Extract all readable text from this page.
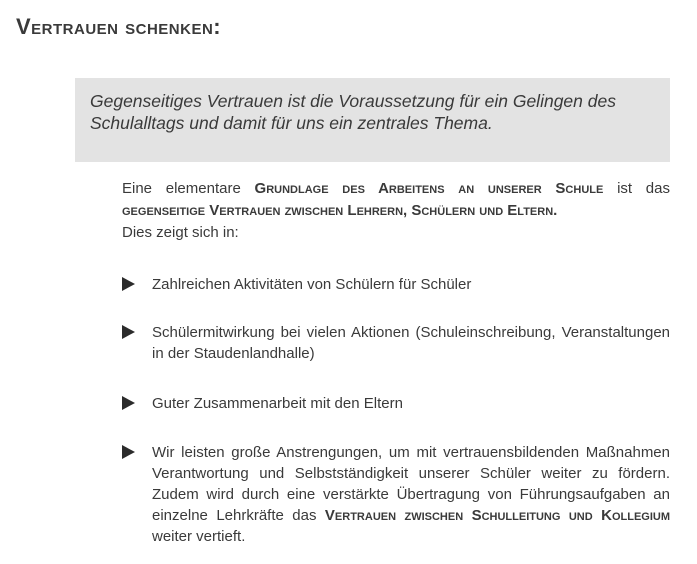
Vertrauen schenken:
Gegenseitiges Vertrauen ist die Voraussetzung für ein Gelingen des Schulalltags und damit für uns ein zentrales Thema.
Eine elementare Grundlage des Arbeitens an unserer Schule ist das gegenseitige Vertrauen zwischen Lehrern, Schülern und Eltern.
Dies zeigt sich in:
Zahlreichen Aktivitäten von Schülern für Schüler
Schülermitwirkung bei vielen Aktionen (Schuleinschreibung, Veranstaltungen in der Staudenlandhalle)
Guter Zusammenarbeit mit den Eltern
Wir leisten große Anstrengungen, um mit vertrauensbildenden Maßnahmen Verantwortung und Selbstständigkeit unserer Schüler weiter zu fördern. Zudem wird durch eine verstärkte Übertragung von Führungsaufgaben an einzelne Lehrkräfte das Vertrauen zwischen Schulleitung und Kollegium weiter vertieft.
